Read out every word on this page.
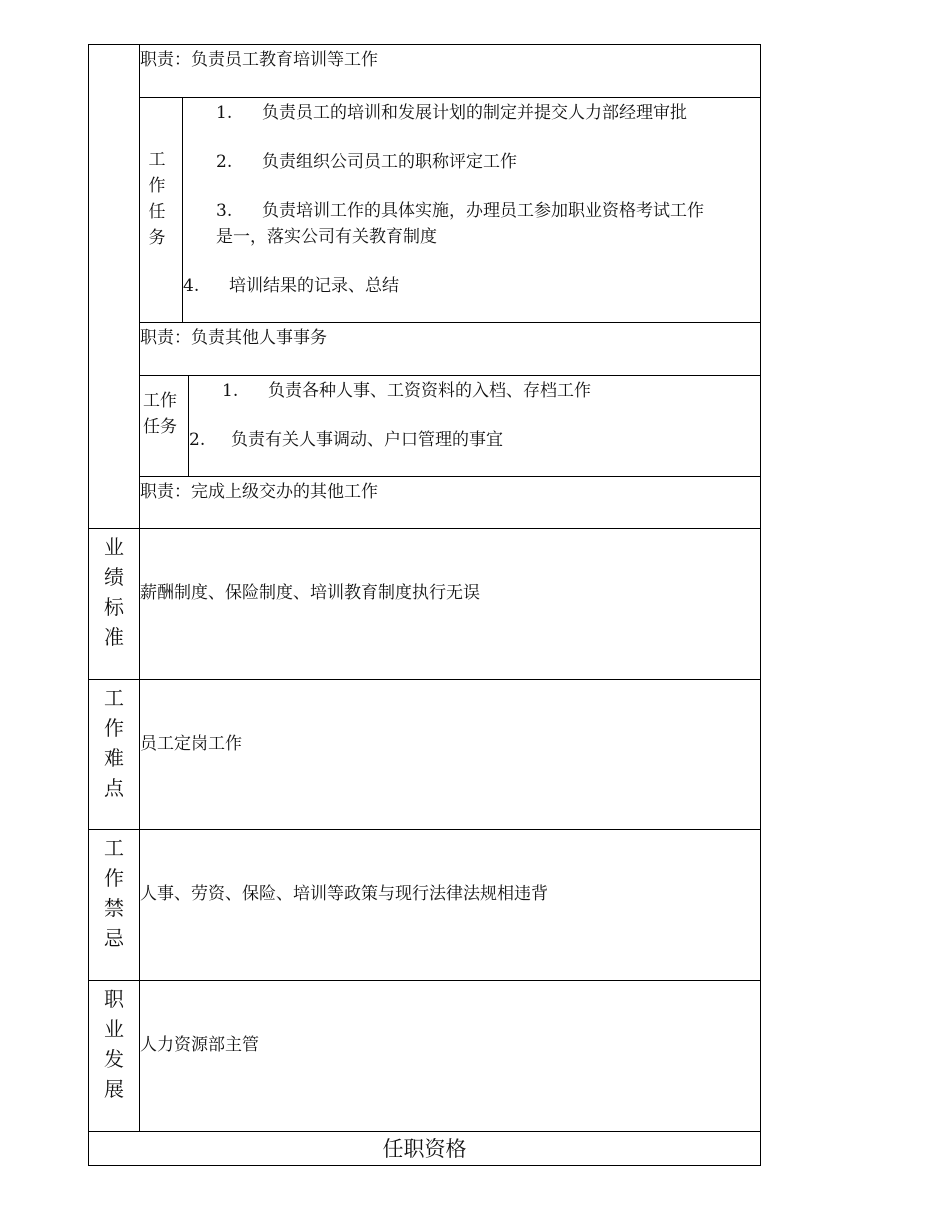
职责：负责员工教育培训等工作
工作任务
1. 负责员工的培训和发展计划的制定并提交人力部经理审批
2. 负责组织公司员工的职称评定工作
3. 负责培训工作的具体实施，办理员工参加职业资格考试工作
是一，落实公司有关教育制度
4. 培训结果的记录、总结
职责：负责其他人事事务
工作任务
1. 负责各种人事、工资资料的入档、存档工作
2. 负责有关人事调动、户口管理的事宜
职责：完成上级交办的其他工作
业绩标准
薪酬制度、保险制度、培训教育制度执行无误
工作难点
员工定岗工作
工作禁忌
人事、劳资、保险、培训等政策与现行法律法规相违背
职业发展
人力资源部主管
任职资格
